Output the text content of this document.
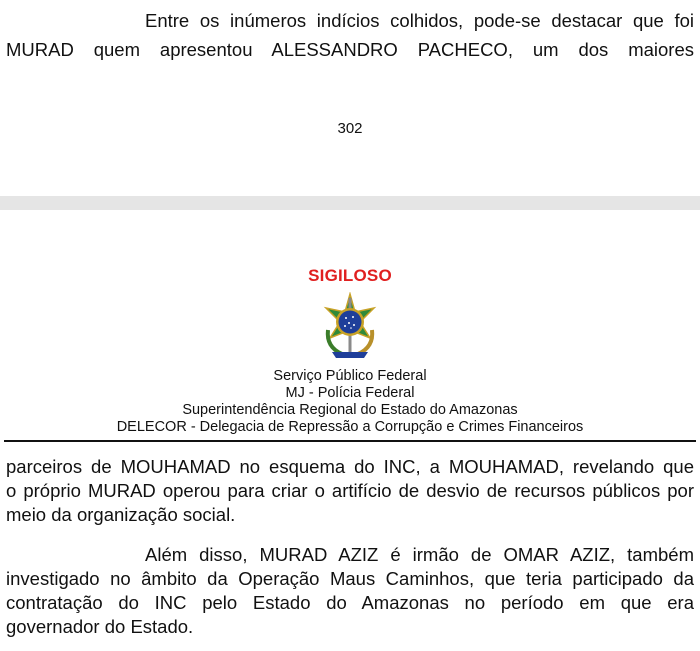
Entre os inúmeros indícios colhidos, pode-se destacar que foi
MURAD quem apresentou ALESSANDRO PACHECO, um dos maiores
302
SIGILOSO
Serviço Público Federal
MJ - Polícia Federal
Superintendência Regional do Estado do Amazonas
DELECOR - Delegacia de Repressão a Corrupção e Crimes Financeiros
parceiros de MOUHAMAD no esquema do INC, a MOUHAMAD, revelando que
o próprio MURAD operou para criar o artifício de desvio de recursos públicos por
meio da organização social.
Além disso, MURAD AZIZ é irmão de OMAR AZIZ, também
investigado no âmbito da Operação Maus Caminhos, que teria participado da
contratação do INC pelo Estado do Amazonas no período em que era
governador do Estado.
